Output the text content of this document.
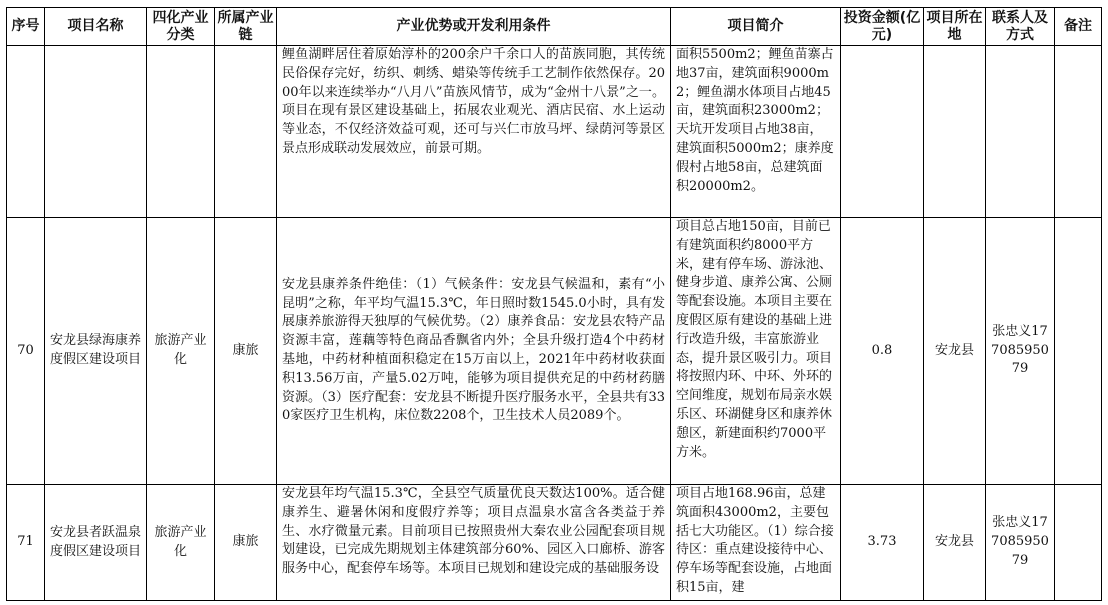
序号	项目名称	四化产业分类	所属产业链	产业优势或开发利用条件	项目简介	投资金额(亿元)	项目所在地	联系人及方式	备注
				鲤鱼湖畔居住着原始淳朴的200余户千余口人的苗族同胞，其传统民俗保存完好，纺织、刺绣、蜡染等传统手工艺制作依然保存。2000年以来连续举办“八月八”苗族风情节，成为“金州十八景”之一。项目在现有景区建设基础上，拓展农业观光、酒店民宿、水上运动等业态，不仅经济效益可观，还可与兴仁市放马坪、绿荫河等景区景点形成联动发展效应，前景可期。	面积5500m2；鲤鱼苗寨占地37亩，建筑面积9000m2；鲤鱼湖水体项目占地45亩，建筑面积23000m2；天坑开发项目占地38亩，建筑面积5000m2；康养度假村占地58亩，总建筑面积20000m2。				
70	安龙县绿海康养度假区建设项目	旅游产业化	康旅	安龙县康养条件绝佳：（1）气候条件：安龙县气候温和，素有“小昆明”之称，年平均气温15.3℃，年日照时数1545.0小时，具有发展康养旅游得天独厚的气候优势。（2）康养食品：安龙县农特产品资源丰富，莲藕等特色商品香飘省内外；全县升级打造4个中药材基地，中药材种植面积稳定在15万亩以上，2021年中药材收获面积13.56万亩，产量5.02万吨，能够为项目提供充足的中药材药膳资源。（3）医疗配套：安龙县不断提升医疗服务水平，全县共有330家医疗卫生机构，床位数2208个，卫生技术人员2089个。	项目总占地150亩，目前已有建筑面积约8000平方米，建有停车场、游泳池、健身步道、康养公寓、公厕等配套设施。本项目主要在度假区原有建设的基础上进行改造升级，丰富旅游业态，提升景区吸引力。项目将按照内环、中环、外环的空间维度，规划布局亲水娱乐区、环湖健身区和康养休憩区，新建面积约7000平方米。	0.8	安龙县	张忠义17708595079	
71	安龙县者跃温泉度假区建设项目	旅游产业化	康旅	安龙县年均气温15.3℃，全县空气质量优良天数达100%。适合健康养生、避暑休闲和度假疗养等；项目点温泉水富含各类益于养生、水疗微量元素。目前项目已按照贵州大秦农业公园配套项目规划建设，已完成先期规划主体建筑部分60%、园区入口廊桥、游客服务中心，配套停车场等。本项目已规划和建设完成的基础服务设	项目占地168.96亩，总建筑面积43000m2，主要包括七大功能区。（1）综合接待区：重点建设接待中心、停车场等配套设施，占地面积15亩，建	3.73	安龙县	张忠义17708595079	
